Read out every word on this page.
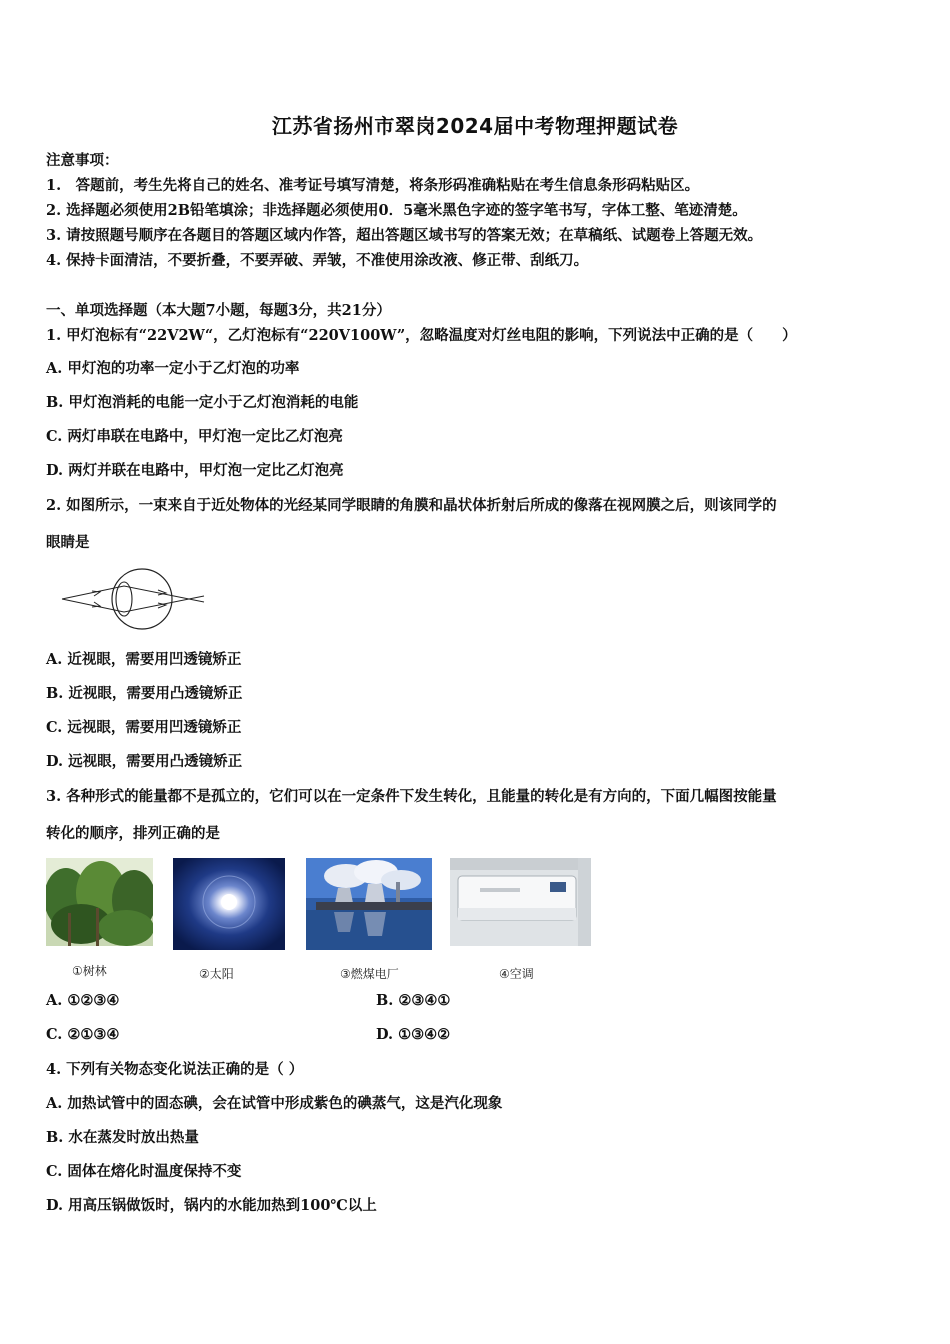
江苏省扬州市翠岗2024届中考物理押题试卷
注意事项：
1.　答题前，考生先将自己的姓名、准考证号填写清楚，将条形码准确粘贴在考生信息条形码粘贴区。
2. 选择题必须使用2B铅笔填涂；非选择题必须使用0．5毫米黑色字迹的签字笔书写，字体工整、笔迹清楚。
3. 请按照题号顺序在各题目的答题区域内作答，超出答题区域书写的答案无效；在草稿纸、试题卷上答题无效。
4. 保持卡面清洁，不要折叠，不要弄破、弄皱，不准使用涂改液、修正带、刮纸刀。
一、单项选择题（本大题7小题，每题3分，共21分）
1. 甲灯泡标有“22V2W“，乙灯泡标有“220V100W”，忽略温度对灯丝电阻的影响，下列说法中正确的是（　　）
A. 甲灯泡的功率一定小于乙灯泡的功率
B. 甲灯泡消耗的电能一定小于乙灯泡消耗的电能
C. 两灯串联在电路中，甲灯泡一定比乙灯泡亮
D. 两灯并联在电路中，甲灯泡一定比乙灯泡亮
2. 如图所示，一束来自于近处物体的光经某同学眼睛的角膜和晶状体折射后所成的像落在视网膜之后，则该同学的
眼睛是
A. 近视眼，需要用凹透镜矫正
B. 近视眼，需要用凸透镜矫正
C. 远视眼，需要用凹透镜矫正
D. 远视眼，需要用凸透镜矫正
3. 各种形式的能量都不是孤立的，它们可以在一定条件下发生转化，且能量的转化是有方向的，下面几幅图按能量
转化的顺序，排列正确的是
①树林	②太阳	③燃煤电厂	④空调
A. ①②③④	B. ②③④①
C. ②①③④	D. ①③④②
4. 下列有关物态变化说法正确的是（ ）
A. 加热试管中的固态碘，会在试管中形成紫色的碘蒸气，这是汽化现象
B. 水在蒸发时放出热量
C. 固体在熔化时温度保持不变
D. 用高压锅做饭时，锅内的水能加热到100℃以上
